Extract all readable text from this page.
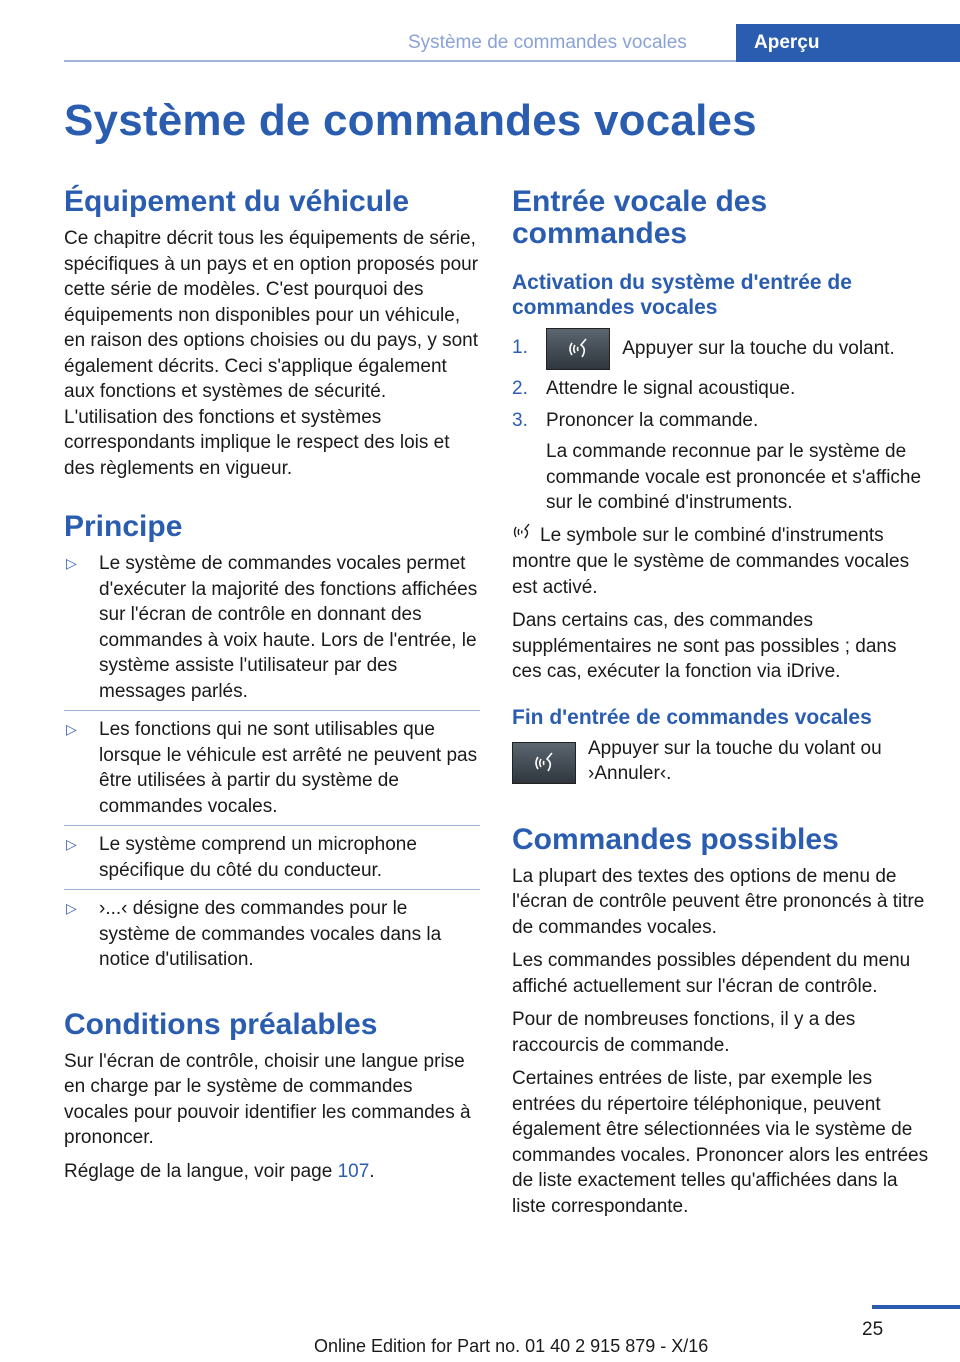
Système de commandes vocales	Aperçu
Système de commandes vocales
Équipement du véhicule

Ce chapitre décrit tous les équipements de série, spécifiques à un pays et en option proposés pour cette série de modèles. C'est pourquoi des équipements non disponibles pour un véhicule, en raison des options choisies ou du pays, y sont également décrits. Ceci s'applique également aux fonctions et systèmes de sécurité. L'utilisation des fonctions et systèmes correspondants implique le respect des lois et des règlements en vigueur.

Principe
▷ Le système de commandes vocales permet d'exécuter la majorité des fonctions affichées sur l'écran de contrôle en donnant des commandes à voix haute. Lors de l'entrée, le système assiste l'utilisateur par des messages parlés.
▷ Les fonctions qui ne sont utilisables que lorsque le véhicule est arrêté ne peuvent pas être utilisées à partir du système de commandes vocales.
▷ Le système comprend un microphone spécifique du côté du conducteur.
▷ ›...‹ désigne des commandes pour le système de commandes vocales dans la notice d'utilisation.
Conditions préalables

Sur l'écran de contrôle, choisir une langue prise en charge par le système de commandes vocales pour pouvoir identifier les commandes à prononcer.

Réglage de la langue, voir page 107.

Entrée vocale des commandes
Activation du système d'entrée de commandes vocales
1.	Appuyer sur la touche du volant.
2. Attendre le signal acoustique.
3. Prononcer la commande.
La commande reconnue par le système de commande vocale est prononcée et s'affiche sur le combiné d'instruments.

Le symbole sur le combiné d'instruments montre que le système de commandes vocales est activé.

Dans certains cas, des commandes supplémentaires ne sont pas possibles ; dans ces cas, exécuter la fonction via iDrive.

Fin d'entrée de commandes vocales

Appuyer sur la touche du volant ou ›Annuler‹.

Commandes possibles

La plupart des textes des options de menu de l'écran de contrôle peuvent être prononcés à titre de commandes vocales.

Les commandes possibles dépendent du menu affiché actuellement sur l'écran de contrôle.

Pour de nombreuses fonctions, il y a des raccourcis de commande.

Certaines entrées de liste, par exemple les entrées du répertoire téléphonique, peuvent également être sélectionnées via le système de commandes vocales. Prononcer alors les entrées de liste exactement telles qu'affichées dans la liste correspondante.

25
Online Edition for Part no. 01 40 2 915 879 - X/16
